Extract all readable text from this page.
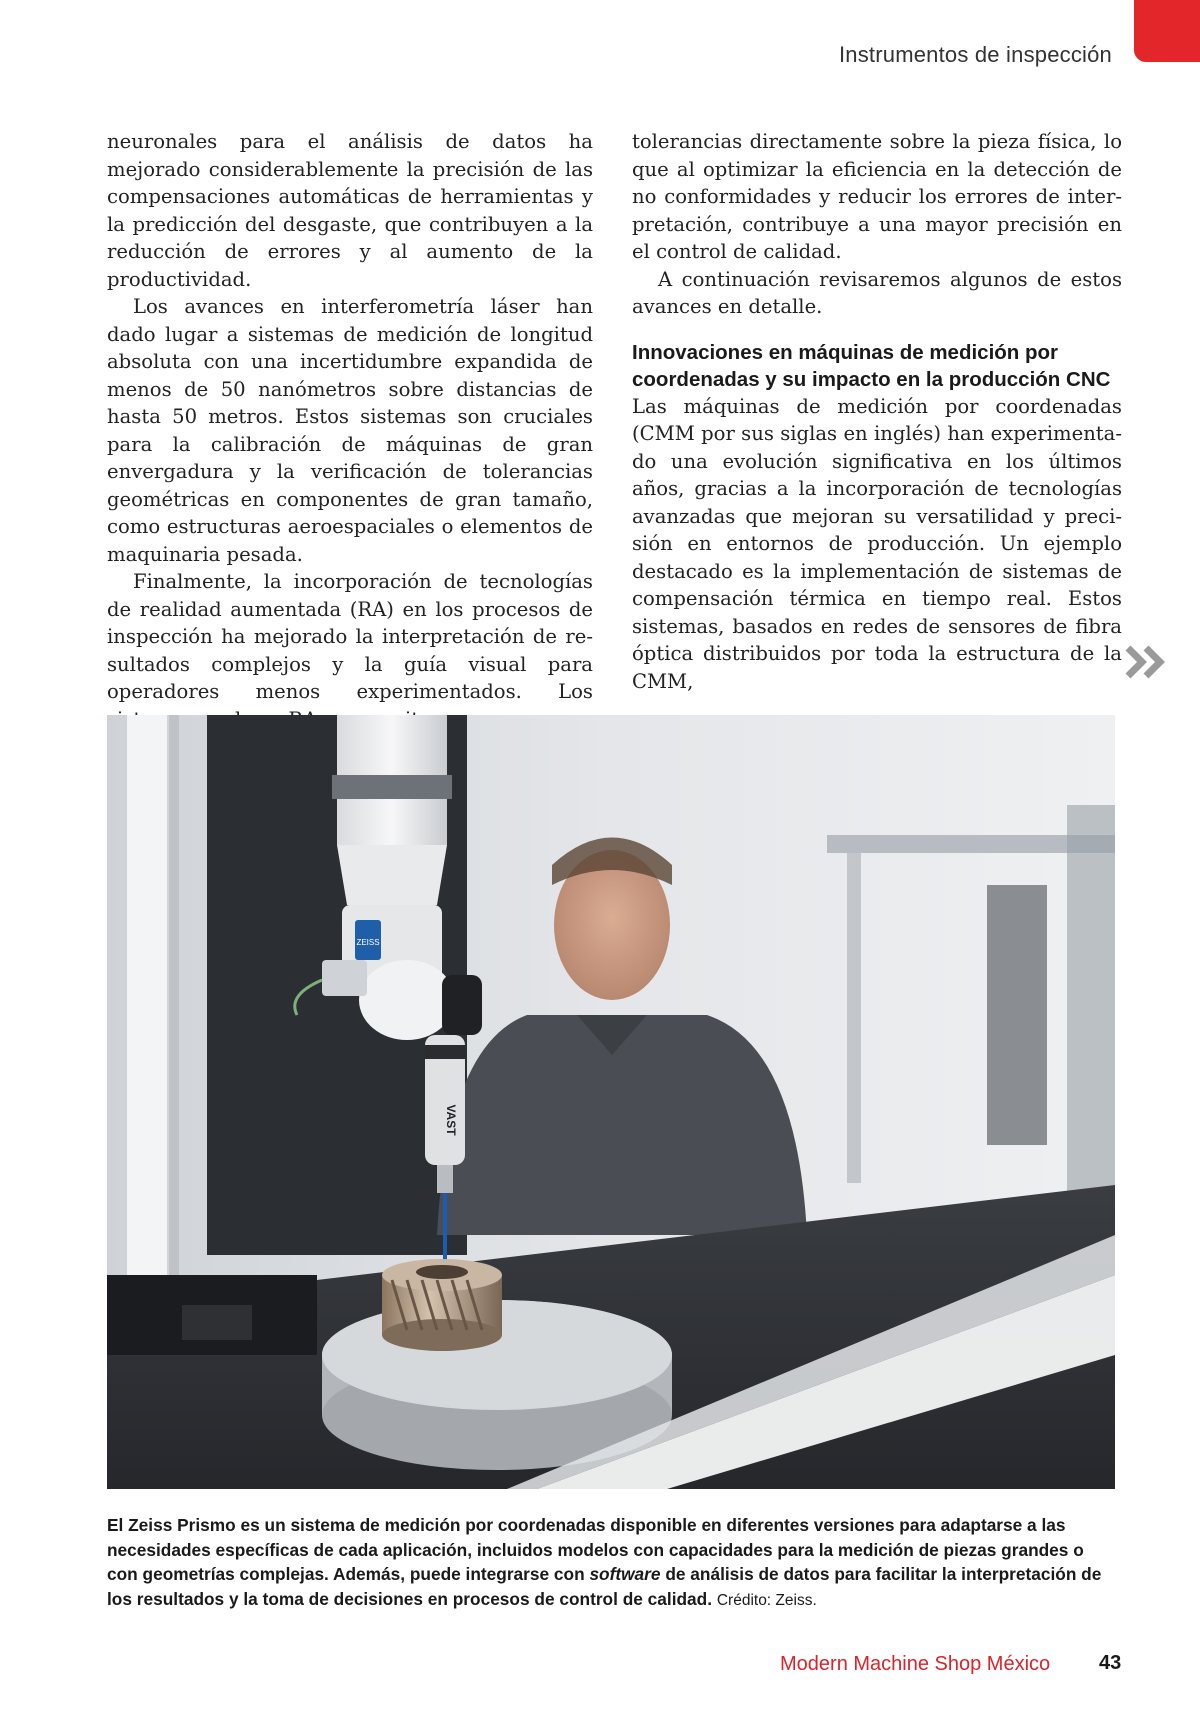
Instrumentos de inspección

neuronales para el análisis de datos ha mejorado considerablemente la precisión de las compensaciones automáticas de herramientas y la predicción del desgaste, que contribuyen a la reducción de errores y al aumento de la productividad.

Los avances en interferometría láser han dado lugar a sistemas de medición de longitud absoluta con una incertidumbre expandida de menos de 50 nanómetros sobre distancias de hasta 50 metros. Estos sistemas son cruciales para la calibración de máquinas de gran envergadura y la verificación de tolerancias geométricas en componentes de gran tamaño, como estructuras aeroespaciales o elementos de maquinaria pesada.

Finalmente, la incorporación de tecnologías de realidad aumentada (RA) en los procesos de inspección ha mejorado la interpretación de resultados complejos y la guía visual para operadores menos experimentados. Los

tolerancias directamente sobre la pieza física, lo que al optimizar la eficiencia en la detección de no conformidades y reducir los errores de interpretación, contribuye a una mayor precisión en el control de calidad.

A continuación revisaremos algunos de estos avances en detalle.

Innovaciones en máquinas de medición por coordenadas y su impacto en la producción CNC

Las máquinas de medición por coordenadas (CMM por sus siglas en inglés) han experimentado una evolución significativa en los últimos años, gracias a la incorporación de tecnologías avanzadas que mejoran su versatilidad y precisión en entornos de producción. Un ejemplo destacado es la implementación de sistemas de compensación térmica en tiempo real. Estos sistemas, basados en redes de sensores de fibra óptica distribuidos por toda la estructura de la CMM,

ZEISS
VAST
El Zeiss Prismo es un sistema de medición por coordenadas disponible en diferentes versiones para adaptarse a las necesidades específicas de cada aplicación, incluidos modelos con capacidades para la medición de piezas grandes o con geometrías complejas. Además, puede integrarse con software de análisis de datos para facilitar la interpretación de los resultados y la toma de decisiones en procesos de control de calidad. Crédito: Zeiss.
Modern Machine Shop México 43
